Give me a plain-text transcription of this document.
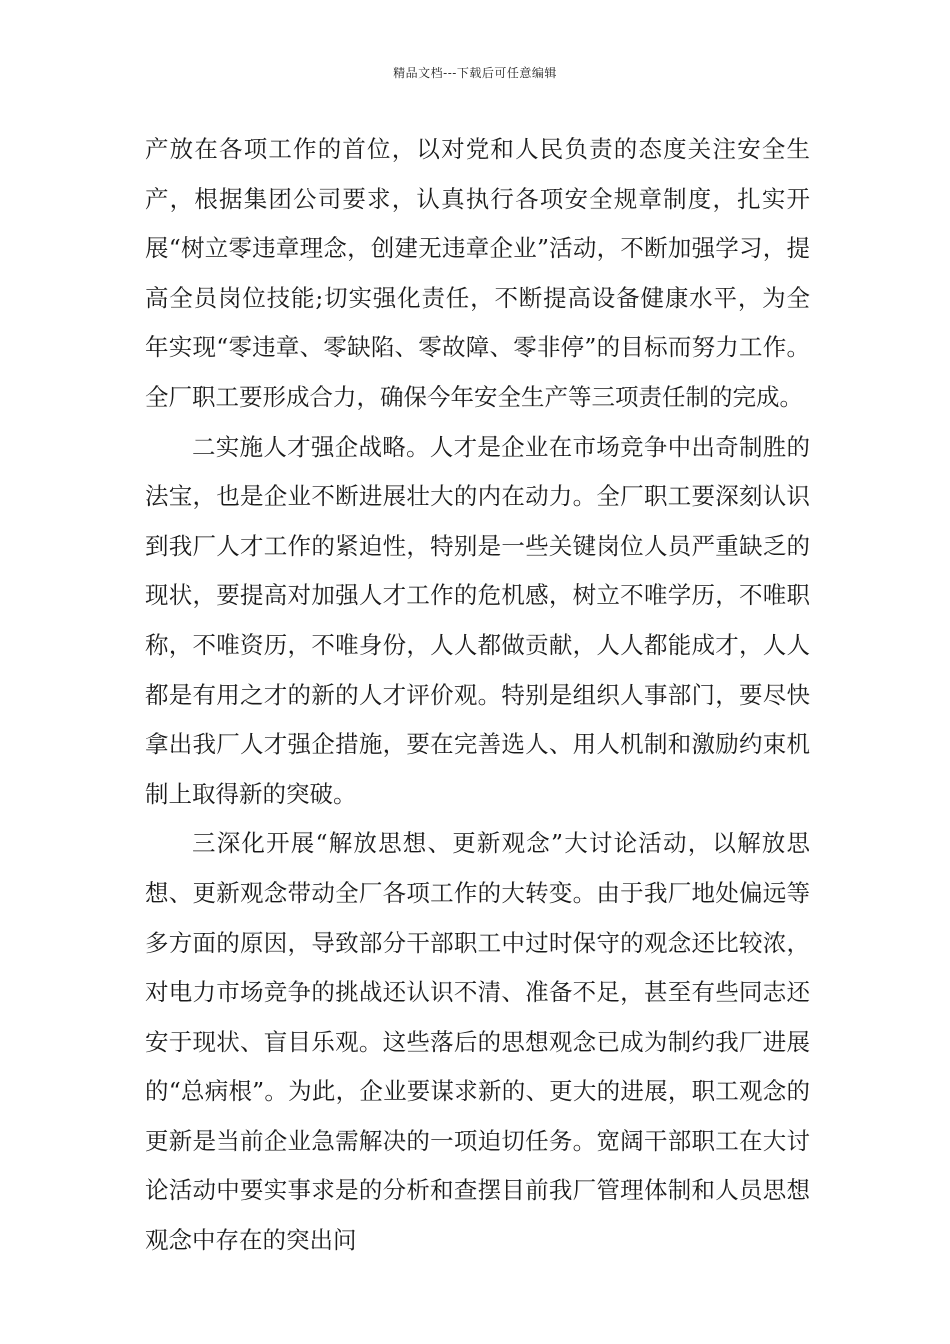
精品文档---下载后可任意编辑

产放在各项工作的首位，以对党和人民负责的态度关注安全生产，根据集团公司要求，认真执行各项安全规章制度，扎实开展“树立零违章理念，创建无违章企业”活动，不断加强学习，提高全员岗位技能;切实强化责任，不断提高设备健康水平，为全年实现“零违章、零缺陷、零故障、零非停”的目标而努力工作。全厂职工要形成合力，确保今年安全生产等三项责任制的完成。

二实施人才强企战略。人才是企业在市场竞争中出奇制胜的法宝，也是企业不断进展壮大的内在动力。全厂职工要深刻认识到我厂人才工作的紧迫性，特别是一些关键岗位人员严重缺乏的现状，要提高对加强人才工作的危机感，树立不唯学历，不唯职称，不唯资历，不唯身份，人人都做贡献，人人都能成才，人人都是有用之才的新的人才评价观。特别是组织人事部门，要尽快拿出我厂人才强企措施，要在完善选人、用人机制和激励约束机制上取得新的突破。

三深化开展“解放思想、更新观念”大讨论活动，以解放思想、更新观念带动全厂各项工作的大转变。由于我厂地处偏远等多方面的原因，导致部分干部职工中过时保守的观念还比较浓，对电力市场竞争的挑战还认识不清、准备不足，甚至有些同志还安于现状、盲目乐观。这些落后的思想观念已成为制约我厂进展的“总病根”。为此，企业要谋求新的、更大的进展，职工观念的更新是当前企业急需解决的一项迫切任务。宽阔干部职工在大讨论活动中要实事求是的分析和查摆目前我厂管理体制和人员思想观念中存在的突出问
